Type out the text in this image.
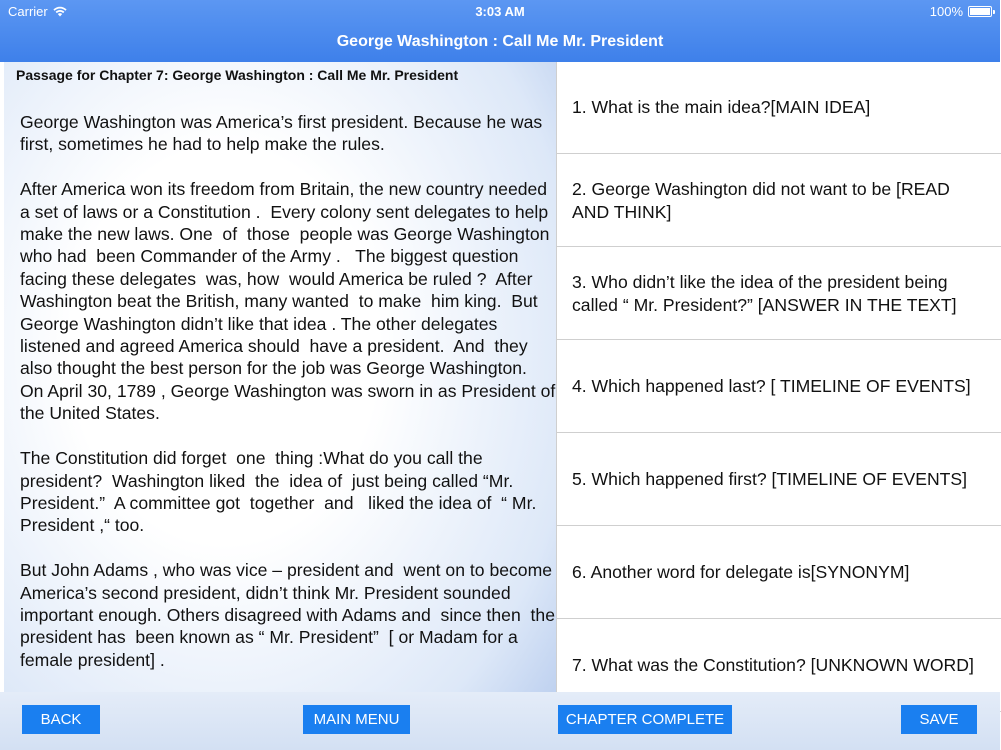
Carrier	3:03 AM	100%
George Washington : Call Me Mr. President
Passage for Chapter 7: George Washington : Call Me Mr. President
George Washington was America’s first president. Because he was first, sometimes he had to help make the rules.

After America won its freedom from Britain, the new country needed a set of laws or a Constitution .  Every colony sent delegates to help make the new laws. One  of  those  people was George Washington who had  been Commander of the Army .   The biggest question facing these delegates  was, how  would America be ruled ?  After Washington beat the British, many wanted  to make  him king.  But George Washington didn’t like that idea . The other delegates listened and agreed America should  have a president.  And  they also thought the best person for the job was George Washington.  On April 30, 1789 , George Washington was sworn in as President of the United States.

The Constitution did forget  one  thing :What do you call the president?  Washington liked  the  idea of  just being called “Mr. President.”  A committee got  together  and   liked the idea of  “ Mr. President ,“ too.

But John Adams , who was vice – president and  went on to become America’s second president, didn’t think Mr. President sounded important enough. Others disagreed with Adams and  since then  the  president has  been known as “ Mr. President”  [ or Madam for a female president] .
1. What is the main idea?[MAIN IDEA]
2. George Washington did not want to be [READ AND THINK]
3. Who didn’t like the idea of the president being called “ Mr. President?” [ANSWER IN THE TEXT]
4. Which happened last? [ TIMELINE OF EVENTS]
5. Which happened first? [TIMELINE OF EVENTS]
6. Another word for delegate is[SYNONYM]
7. What was the Constitution? [UNKNOWN WORD]
BACK	MAIN MENU	CHAPTER COMPLETE	SAVE
